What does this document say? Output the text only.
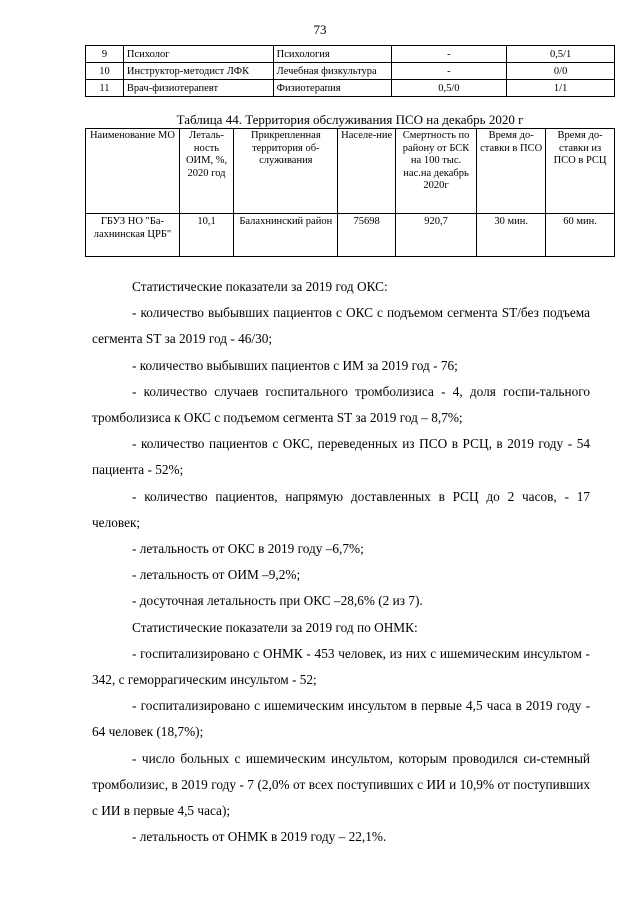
73
9	Психолог	Психология	-	0,5/1
10	Инструктор-методист ЛФК	Лечебная физкультура	-	0/0
11	Врач-физиотерапевт	Физиотерапия	0,5/0	1/1
Таблица 44. Территория обслуживания ПСО на декабрь 2020 г
Наименование МО	Леталь-ность ОИМ, %, 2020 год	Прикрепленная территория об-служивания	Населе-ние	Смертность по району от БСК на 100 тыс. нас.на декабрь 2020г	Время до-ставки в ПСО	Время до-ставки из ПСО в РСЦ
ГБУЗ НО "Ба-лахнинская ЦРБ"	10,1	Балахнинский район	75698	920,7	30 мин.	60 мин.

Статистические показатели за 2019 год ОКС:

- количество выбывших пациентов с ОКС с подъемом сегмента ST/без подъема сегмента ST за 2019 год - 46/30;

- количество выбывших пациентов с ИМ за 2019 год - 76;

- количество случаев госпитального тромболизиса - 4, доля госпи-тального тромболизиса к ОКС с подъемом сегмента ST за 2019 год – 8,7%;

- количество пациентов с ОКС, переведенных из ПСО в РСЦ, в 2019 году - 54 пациента - 52%;

- количество пациентов, напрямую доставленных в РСЦ до 2 часов, - 17 человек;

- летальность от ОКС в 2019 году –6,7%;

- летальность от ОИМ –9,2%;

- досуточная летальность при ОКС –28,6% (2 из 7).

Статистические показатели за 2019 год по ОНМК:

- госпитализировано с ОНМК - 453 человек, из них с ишемическим инсультом - 342, с геморрагическим инсультом - 52;

- госпитализировано с ишемическим инсультом в первые 4,5 часа в 2019 году - 64 человек (18,7%);

- число больных с ишемическим инсультом, которым проводился си-стемный тромболизис, в 2019 году - 7 (2,0% от всех поступивших с ИИ и 10,9% от поступивших с ИИ в первые 4,5 часа);

- летальность от ОНМК в 2019 году – 22,1%.
